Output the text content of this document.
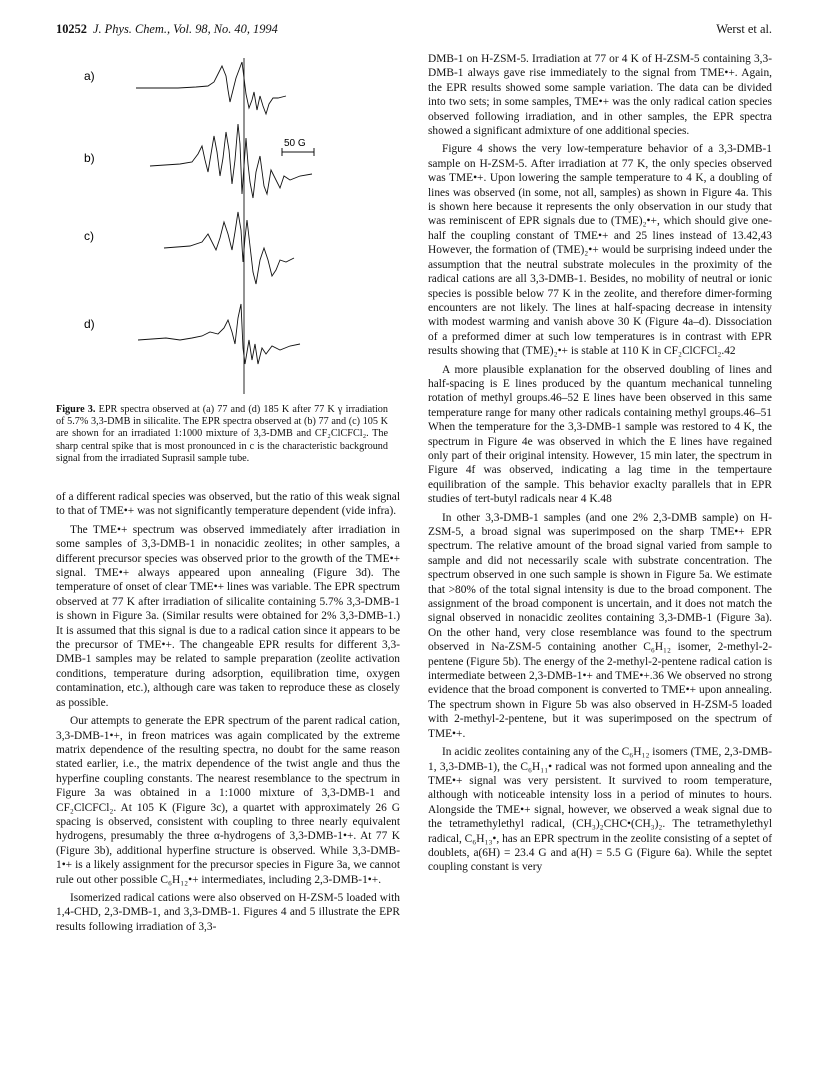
10252 J. Phys. Chem., Vol. 98, No. 40, 1994	Werst et al.
a)
b)
c)
d)
50 G
Figure 3. EPR spectra observed at (a) 77 and (d) 185 K after 77 K γ irradiation of 5.7% 3,3-DMB in silicalite. The EPR spectra observed at (b) 77 and (c) 105 K are shown for an irradiated 1:1000 mixture of 3,3-DMB and CF₂ClCFCl₂. The sharp central spike that is most pronounced in c is the characteristic background signal from the irradiated Suprasil sample tube.

of a different radical species was observed, but the ratio of this weak signal to that of TME•+ was not significantly temperature dependent (vide infra).

The TME•+ spectrum was observed immediately after irradiation in some samples of 3,3-DMB-1 in nonacidic zeolites; in other samples, a different precursor species was observed prior to the growth of the TME•+ signal. TME•+ always appeared upon annealing (Figure 3d). The temperature of onset of clear TME•+ lines was variable. The EPR spectrum observed at 77 K after irradiation of silicalite containing 5.7% 3,3-DMB-1 is shown in Figure 3a. (Similar results were obtained for 2% 3,3-DMB-1.) It is assumed that this signal is due to a radical cation since it appears to be the precursor of TME•+. The changeable EPR results for different 3,3-DMB-1 samples may be related to sample preparation (zeolite activation conditions, temperature during adsorption, equilibration time, oxygen contamination, etc.), although care was taken to reproduce these as closely as possible.

Our attempts to generate the EPR spectrum of the parent radical cation, 3,3-DMB-1•+, in freon matrices was again complicated by the extreme matrix dependence of the resulting spectra, no doubt for the same reason stated earlier, i.e., the matrix dependence of the twist angle and thus the hyperfine coupling constants. The nearest resemblance to the spectrum in Figure 3a was obtained in a 1:1000 mixture of 3,3-DMB-1 and CF₂ClCFCl₂. At 105 K (Figure 3c), a quartet with approximately 26 G spacing is observed, consistent with coupling to three nearly equivalent hydrogens, presumably the three α-hydrogens of 3,3-DMB-1•+. At 77 K (Figure 3b), additional hyperfine structure is observed. While 3,3-DMB-1•+ is a likely assignment for the precursor species in Figure 3a, we cannot rule out other possible C₆H₁₂•+ intermediates, including 2,3-DMB-1•+.

Isomerized radical cations were also observed on H-ZSM-5 loaded with 1,4-CHD, 2,3-DMB-1, and 3,3-DMB-1. Figures 4 and 5 illustrate the EPR results following irradiation of 3,3-

DMB-1 on H-ZSM-5. Irradiation at 77 or 4 K of H-ZSM-5 containing 3,3-DMB-1 always gave rise immediately to the signal from TME•+. Again, the EPR results showed some sample variation. The data can be divided into two sets; in some samples, TME•+ was the only radical cation species observed following irradiation, and in other samples, the EPR spectra showed a significant admixture of one additional species.

Figure 4 shows the very low-temperature behavior of a 3,3-DMB-1 sample on H-ZSM-5. After irradiation at 77 K, the only species observed was TME•+. Upon lowering the sample temperature to 4 K, a doubling of lines was observed (in some, not all, samples) as shown in Figure 4a. This is shown here because it represents the only observation in our study that was reminiscent of EPR signals due to (TME)₂•+, which should give one-half the coupling constant of TME•+ and 25 lines instead of 13.42,43 However, the formation of (TME)₂•+ would be surprising indeed under the assumption that the neutral substrate molecules in the proximity of the radical cations are all 3,3-DMB-1. Besides, no mobility of neutral or ionic species is possible below 77 K in the zeolite, and therefore dimer-forming encounters are not likely. The lines at half-spacing decrease in intensity with modest warming and vanish above 30 K (Figure 4a–d). Dissociation of a preformed dimer at such low temperatures is in contrast with EPR results showing that (TME)₂•+ is stable at 110 K in CF₂ClCFCl₂.42

A more plausible explanation for the observed doubling of lines and half-spacing is E lines produced by the quantum mechanical tunneling rotation of methyl groups.46–52 E lines have been observed in this same temperature range for many other radicals containing methyl groups.46–51 When the temperature for the 3,3-DMB-1 sample was restored to 4 K, the spectrum in Figure 4e was observed in which the E lines have regained only part of their original intensity. However, 15 min later, the spectrum in Figure 4f was observed, indicating a lag time in the tempertaure equilibration of the sample. This behavior exaclty parallels that in EPR studies of tert-butyl radicals near 4 K.48

In other 3,3-DMB-1 samples (and one 2% 2,3-DMB sample) on H-ZSM-5, a broad signal was superimposed on the sharp TME•+ EPR spectrum. The relative amount of the broad signal varied from sample to sample and did not necessarily scale with substrate concentration. The spectrum observed in one such sample is shown in Figure 5a. We estimate that >80% of the total signal intensity is due to the broad component. The assignment of the broad component is uncertain, and it does not match the signal observed in nonacidic zeolites containing 3,3-DMB-1 (Figure 3a). On the other hand, very close resemblance was found to the spectrum observed in Na-ZSM-5 containing another C₆H₁₂ isomer, 2-methyl-2-pentene (Figure 5b). The energy of the 2-methyl-2-pentene radical cation is intermediate between 2,3-DMB-1•+ and TME•+.36 We observed no strong evidence that the broad component is converted to TME•+ upon annealing. The spectrum shown in Figure 5b was also observed in H-ZSM-5 loaded with 2-methyl-2-pentene, but it was superimposed on the spectrum of TME•+.

In acidic zeolites containing any of the C₆H₁₂ isomers (TME, 2,3-DMB-1, 3,3-DMB-1), the C₆H₁₁• radical was not formed upon annealing and the TME•+ signal was very persistent. It survived to room temperature, although with noticeable intensity loss in a period of minutes to hours. Alongside the TME•+ signal, however, we observed a weak signal due to the tetramethylethyl radical, (CH₃)₂CHC•(CH₃)₂. The tetramethylethyl radical, C₆H₁₃•, has an EPR spectrum in the zeolite consisting of a septet of doublets, a(6H) = 23.4 G and a(H) = 5.5 G (Figure 6a). While the septet coupling constant is very
